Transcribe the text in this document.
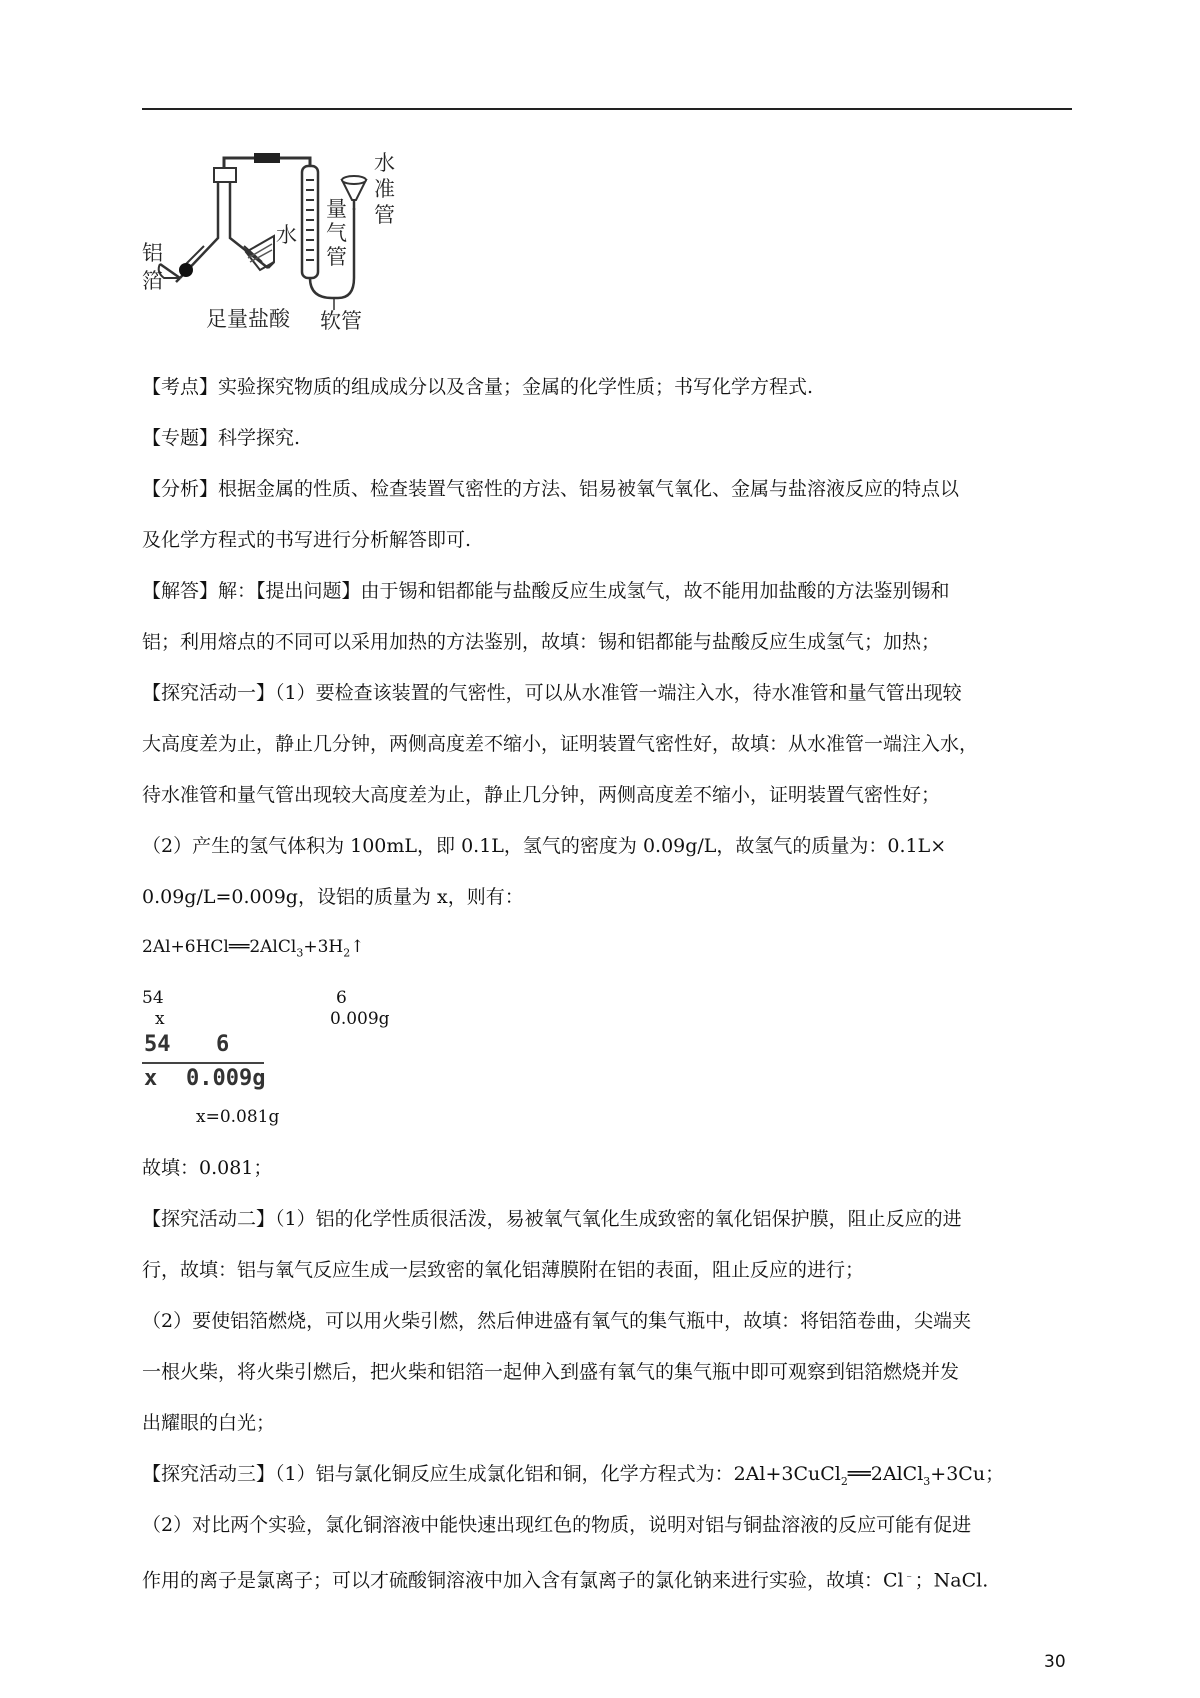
铝
箔
足量盐酸
水
量
气
管
水
准
管
软管
【考点】实验探究物质的组成成分以及含量；金属的化学性质；书写化学方程式.
【专题】科学探究.
【分析】根据金属的性质、检查装置气密性的方法、铝易被氧气氧化、金属与盐溶液反应的特点以
及化学方程式的书写进行分析解答即可.
【解答】解：【提出问题】由于锡和铝都能与盐酸反应生成氢气，故不能用加盐酸的方法鉴别锡和
铝；利用熔点的不同可以采用加热的方法鉴别，故填：锡和铝都能与盐酸反应生成氢气；加热；
【探究活动一】（1）要检查该装置的气密性，可以从水准管一端注入水，待水准管和量气管出现较
大高度差为止，静止几分钟，两侧高度差不缩小，证明装置气密性好，故填：从水准管一端注入水，
待水准管和量气管出现较大高度差为止，静止几分钟，两侧高度差不缩小，证明装置气密性好；
（2）产生的氢气体积为 100mL，即 0.1L，氢气的密度为 0.09g/L，故氢气的质量为：0.1L×
0.09g/L=0.009g，设铝的质量为 x，则有：
$2Al+6HCl══2AlCl_3+3H_2↑$
54	6
54 6
x 0.009g
x	0.009g
x=0.081g
故填：0.081；
【探究活动二】（1）铝的化学性质很活泼，易被氧气氧化生成致密的氧化铝保护膜，阻止反应的进
行，故填：铝与氧气反应生成一层致密的氧化铝薄膜附在铝的表面，阻止反应的进行；
（2）要使铝箔燃烧，可以用火柴引燃，然后伸进盛有氧气的集气瓶中，故填：将铝箔卷曲，尖端夹
一根火柴，将火柴引燃后，把火柴和铝箔一起伸入到盛有氧气的集气瓶中即可观察到铝箔燃烧并发
出耀眼的白光；
【探究活动三】（1）铝与氯化铜反应生成氯化铝和铜，化学方程式为：2Al+3CuCl$_2$══2AlCl$_3$+3Cu；
（2）对比两个实验，氯化铜溶液中能快速出现红色的物质，说明对铝与铜盐溶液的反应可能有促进
作用的离子是氯离子；可以才硫酸铜溶液中加入含有氯离子的氯化钠来进行实验，故填：Cl﹣；NaCl.
30
